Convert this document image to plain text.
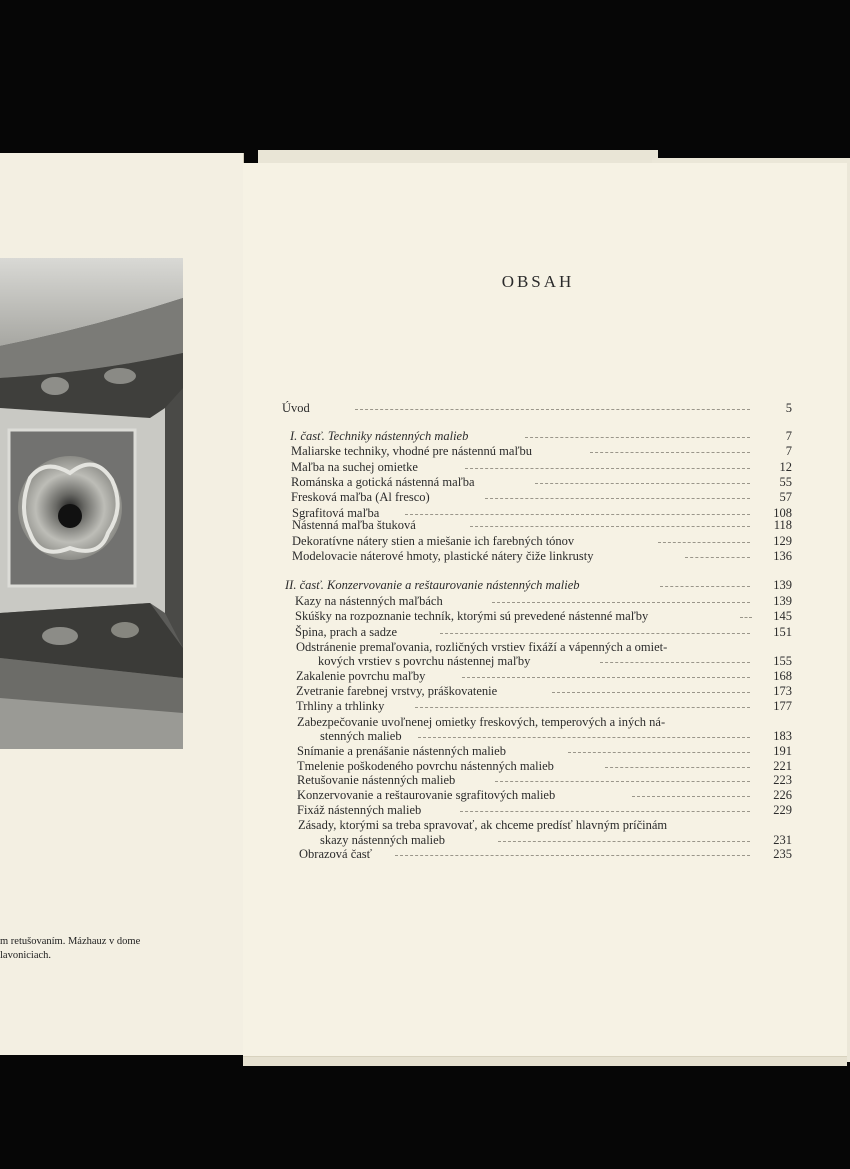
m retušovaním. Mázhauz v dome
lavoniciach.
OBSAH
Úvod	5
I. časť. Techniky nástenných malieb	7
Maliarske techniky, vhodné pre nástennú maľbu	7
Maľba na suchej omietke	12
Románska a gotická nástenná maľba	55
Fresková maľba (Al fresco)	57
Sgrafitová maľba	108
Nástenná maľba štuková	118
Dekoratívne nátery stien a miešanie ich farebných tónov	129
Modelovacie náterové hmoty, plastické nátery čiže linkrusty	136
II. časť. Konzervovanie a reštaurovanie nástenných malieb	139
Kazy na nástenných maľbách	139
Skúšky na rozpoznanie techník, ktorými sú prevedené nástenné maľby	145
Špina, prach a sadze	151
Odstránenie premaľovania, rozličných vrstiev fixáží a vápenných a omiet-
kových vrstiev s povrchu nástennej maľby	155
Zakalenie povrchu maľby	168
Zvetranie farebnej vrstvy, práškovatenie	173
Trhliny a trhlinky	177
Zabezpečovanie uvoľnenej omietky freskových, temperových a iných ná-
stenných malieb	183
Snímanie a prenášanie nástenných malieb	191
Tmelenie poškodeného povrchu nástenných malieb	221
Retušovanie nástenných malieb	223
Konzervovanie a reštaurovanie sgrafitových malieb	226
Fixáž nástenných malieb	229
Zásady, ktorými sa treba spravovať, ak chceme predísť hlavným príčinám
skazy nástenných malieb	231
Obrazová časť	235
